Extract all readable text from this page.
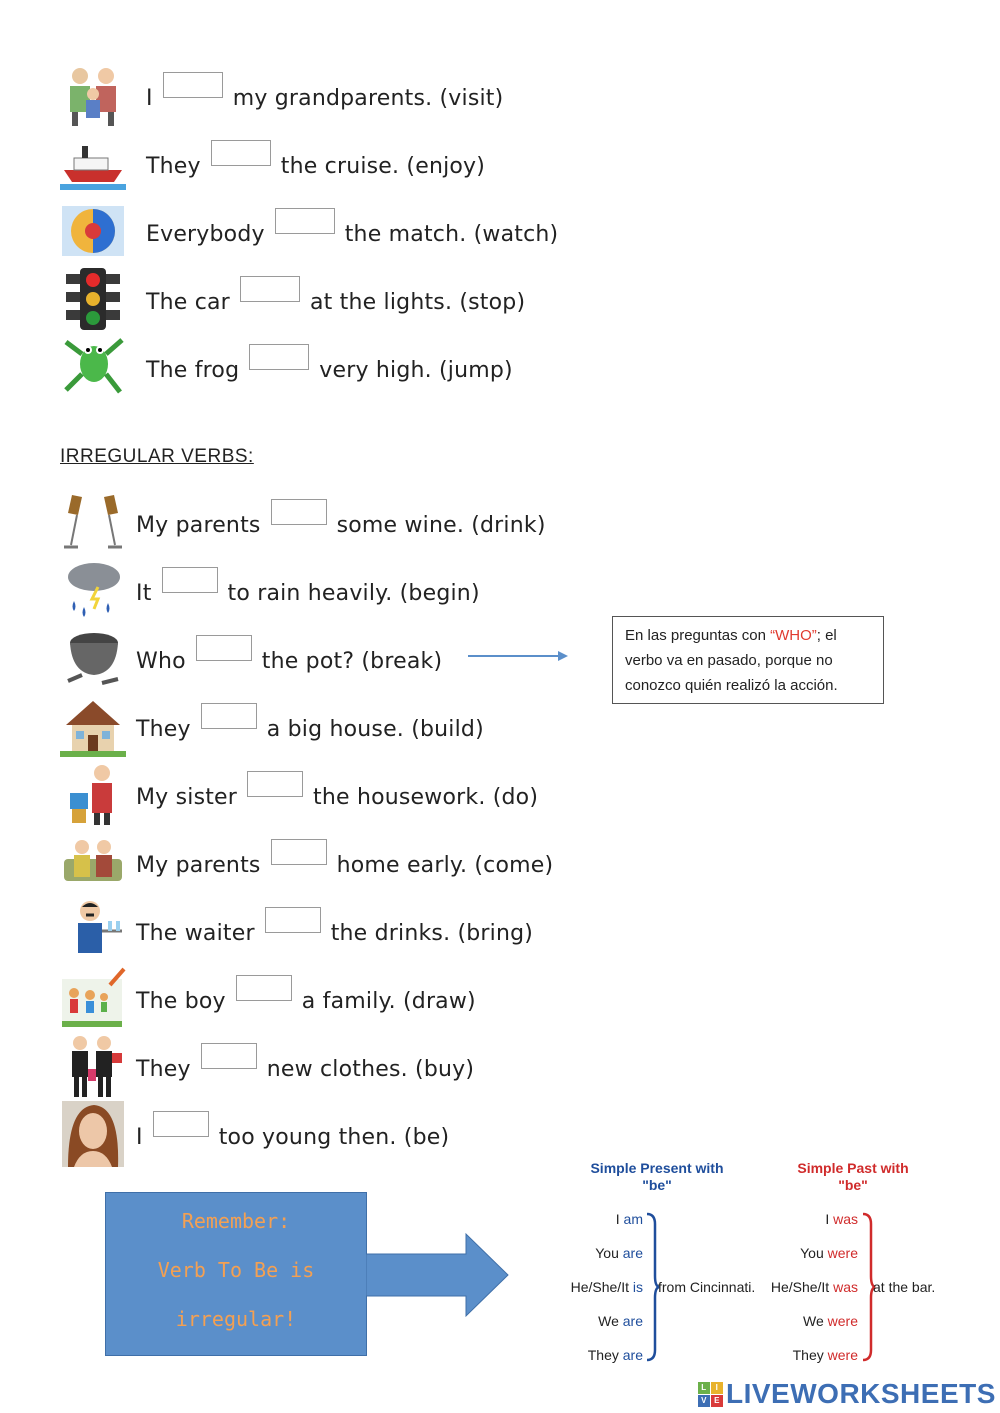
I	my grandparents. (visit)
They	the cruise. (enjoy)
Everybody	the match. (watch)
The car	at the lights. (stop)
The frog	very high. (jump)
IRREGULAR VERBS:
My parents	some wine. (drink)
It	to rain heavily. (begin)
Who	the pot? (break)
En las preguntas con “WHO”; el verbo va en pasado, porque no conozco quién realizó la acción.
They	a big house. (build)
My sister	the housework. (do)
My parents	home early. (come)
The waiter	the drinks. (bring)
The boy	a family. (draw)
They	new clothes. (buy)
I	too young then. (be)
Remember:
Verb To Be is
irregular!
Simple Present with
"be"
I am
You are
He/She/It is
We are
They are
from Cincinnati.
Simple Past with
"be"
I was
You were
He/She/It was
We were
They were
at the bar.
L	I
V E LIVEWORKSHEETS
